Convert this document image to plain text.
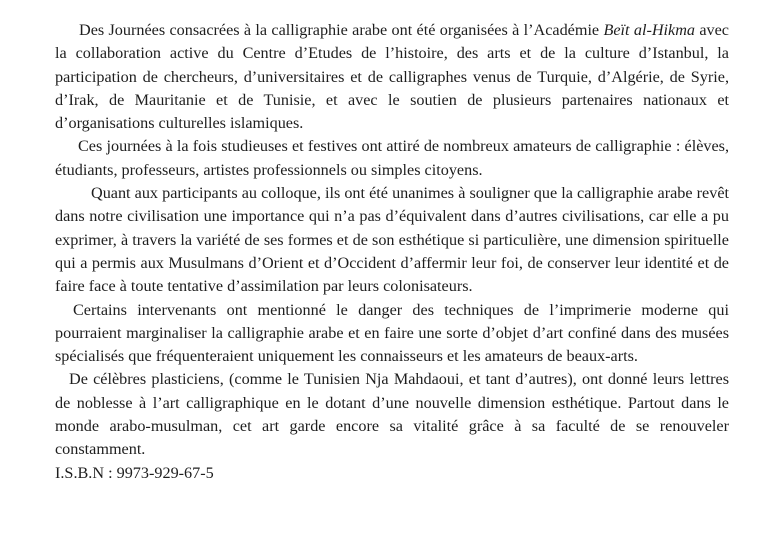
Des Journées consacrées à la calligraphie arabe ont été organisées à l’Académie Beït al-Hikma avec la collaboration active du Centre d’Etudes de l’histoire, des arts et de la culture d’Istanbul, la participation de chercheurs, d’universitaires et de calligraphes venus de Turquie, d’Algérie, de Syrie, d’Irak, de Mauritanie et de Tunisie, et avec le soutien de plusieurs partenaires nationaux et d’organisations culturelles islamiques.

Ces journées à la fois studieuses et festives ont attiré de nombreux amateurs de calligraphie : élèves, étudiants, professeurs, artistes professionnels ou simples citoyens.

Quant aux participants au colloque, ils ont été unanimes à souligner que la calligraphie arabe revêt dans notre civilisation une importance qui n’a pas d’équivalent dans d’autres civilisations, car elle a pu exprimer, à travers la variété de ses formes et de son esthétique si particulière, une dimension spirituelle qui a permis aux Musulmans d’Orient et d’Occident d’affermir leur foi, de conserver leur identité et de faire face à toute tentative d’assimilation par leurs colonisateurs.

Certains intervenants ont mentionné le danger des techniques de l’imprimerie moderne qui pourraient marginaliser la calligraphie arabe et en faire une sorte d’objet d’art confiné dans des musées spécialisés que fréquenteraient uniquement les connaisseurs et les amateurs de beaux-arts.

De célèbres plasticiens, (comme le Tunisien Nja Mahdaoui, et tant d’autres), ont donné leurs lettres de noblesse à l’art calligraphique en le dotant d’une nouvelle dimension esthétique. Partout dans le monde arabo-musulman, cet art garde encore sa vitalité grâce à sa faculté de se renouveler constamment.

I.S.B.N : 9973-929-67-5
